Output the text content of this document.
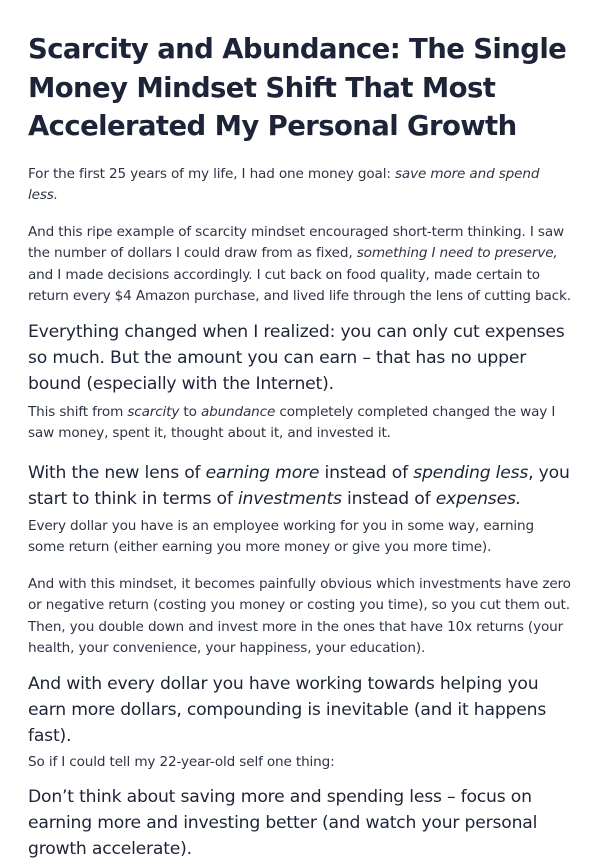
Scarcity and Abundance: The Single Money Mindset Shift That Most Accelerated My Personal Growth

For the first 25 years of my life, I had one money goal: save more and spend less.

And this ripe example of scarcity mindset encouraged short-term thinking. I saw the number of dollars I could draw from as fixed, something I need to preserve, and I made decisions accordingly. I cut back on food quality, made certain to return every $4 Amazon purchase, and lived life through the lens of cutting back.

Everything changed when I realized: you can only cut expenses so much. But the amount you can earn – that has no upper bound (especially with the Internet).

This shift from scarcity to abundance completely completed changed the way I saw money, spent it, thought about it, and invested it.

With the new lens of earning more instead of spending less, you start to think in terms of investments instead of expenses.

Every dollar you have is an employee working for you in some way, earning some return (either earning you more money or give you more time).

And with this mindset, it becomes painfully obvious which investments have zero or negative return (costing you money or costing you time), so you cut them out. Then, you double down and invest more in the ones that have 10x returns (your health, your convenience, your happiness, your education).

And with every dollar you have working towards helping you earn more dollars, compounding is inevitable (and it happens fast).

So if I could tell my 22-year-old self one thing:

Don’t think about saving more and spending less – focus on earning more and investing better (and watch your personal growth accelerate).
